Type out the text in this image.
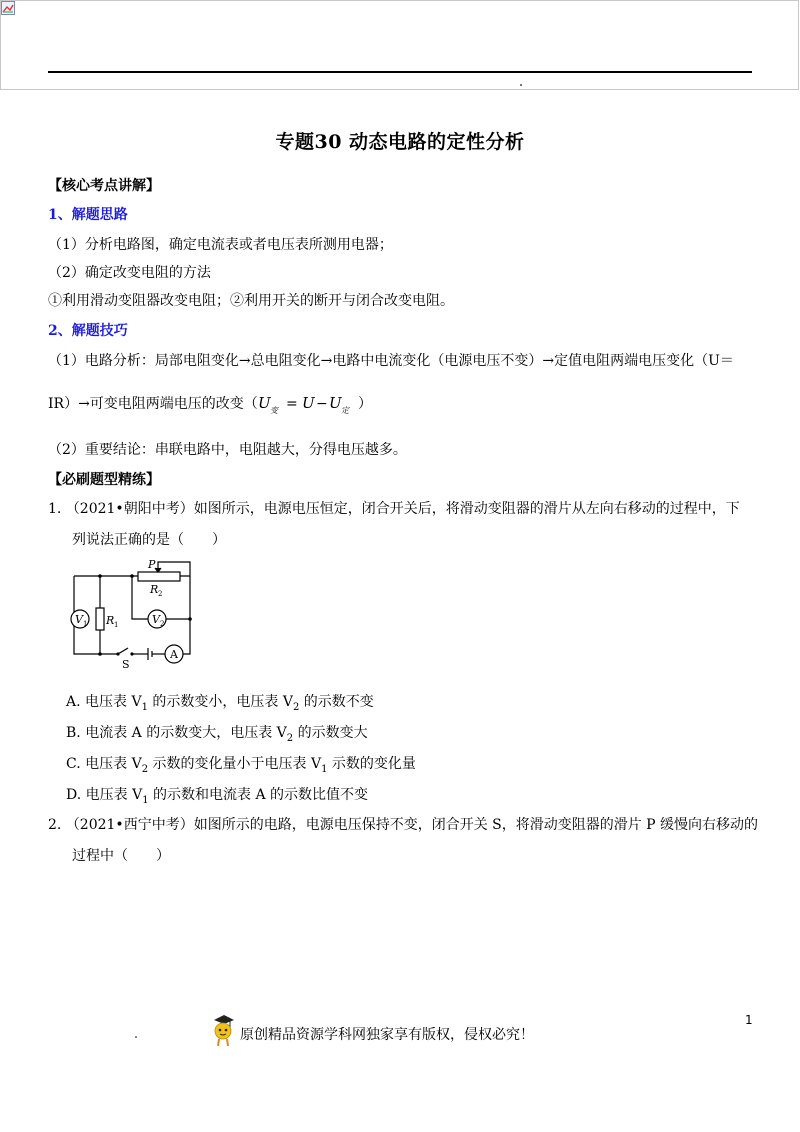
专题30 动态电路的定性分析
【核心考点讲解】
1、解题思路
（1）分析电路图，确定电流表或者电压表所测用电器；
（2）确定改变电阻的方法
①利用滑动变阻器改变电阻；②利用开关的断开与闭合改变电阻。
2、解题技巧
（1）电路分析：局部电阻变化→总电阻变化→电路中电流变化（电源电压不变）→定值电阻两端电压变化（U＝
IR）→可变电阻两端电压的改变（ U 变 = U − U 定 ）
（2）重要结论：串联电路中，电阻越大，分得电压越多。
【必刷题型精练】
1. （2021•朝阳中考）如图所示，电源电压恒定，闭合开关后，将滑动变阻器的滑片从左向右移动的过程中，下
列说法正确的是（　　）
V 1 R 1	V 2
R 2
P
S
A
A. 电压表 $V_1$ 的示数变小，电压表 $V_2$ 的示数不变
B. 电流表 A 的示数变大，电压表 $V_2$ 的示数变大
C. 电压表 $V_2$ 示数的变化量小于电压表 $V_1$ 示数的变化量
D. 电压表 $V_1$ 的示数和电流表 A 的示数比值不变
2. （2021•西宁中考）如图所示的电路，电源电压保持不变，闭合开关 S，将滑动变阻器的滑片 P 缓慢向右移动的
过程中（　　）
原创精品资源学科网独家享有版权，侵权必究！
1
